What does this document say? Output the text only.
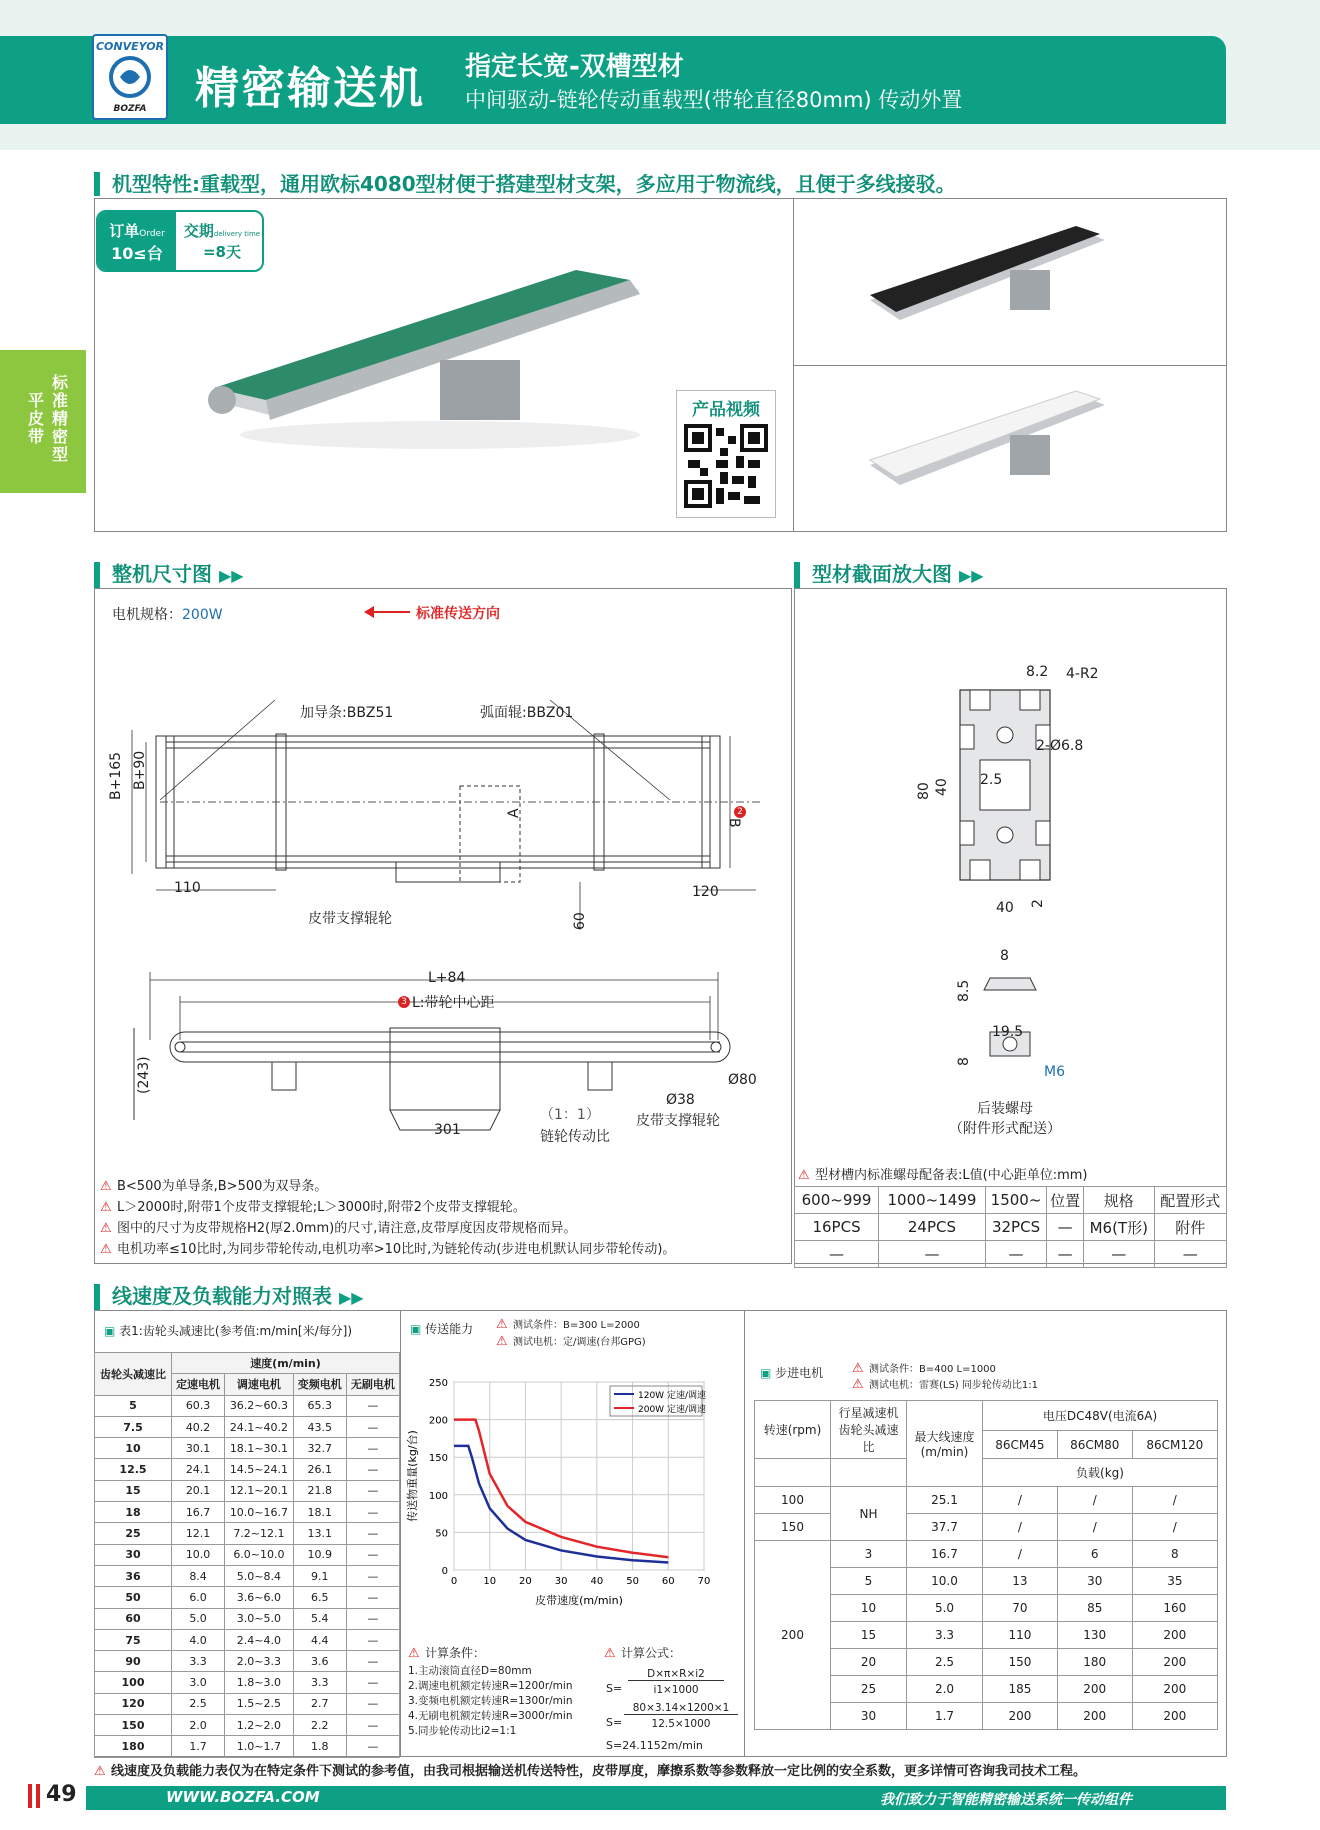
CONVEYOR
BOZFA	精密输送机 指定长宽-双槽型材
中间驱动-链轮传动重载型(带轮直径80mm) 传动外置
标准精密型
平皮带
机型特性:重载型，通用欧标4080型材便于搭建型材支架，多应用于物流线，且便于多线接驳。
订单Order
10≤台
交期delivery time
=8天
产品视频
整机尺寸图 ▶▶
电机规格：200W	标准传送方向
加导条:BBZ51	弧面辊:BBZ01
B+165 B+90
A
B
2
110	120
60
皮带支撑辊轮
L+84
3 L:带轮中心距
(243)	Ø80
Ø38
皮带支撑辊轮
301
（1：1）
链轮传动比
⚠ B<500为单导条,B>500为双导条。
⚠ L＞2000时,附带1个皮带支撑辊轮;L＞3000时,附带2个皮带支撑辊轮。
⚠ 图中的尺寸为皮带规格H2(厚2.0mm)的尺寸,请注意,皮带厚度因皮带规格而异。
⚠ 电机功率≤10比时,为同步带轮传动,电机功率>10比时,为链轮传动(步进电机默认同步带轮传动)。
型材截面放大图 ▶▶
8.2 4-R2
2-Ø6.8
2.5
80 40
40 2
8
8.5
19.5
8
M6
后装螺母
（附件形式配送）
⚠ 型材槽内标准螺母配备表:L值(中心距单位:mm)
600~999	1000~1499	1500~	位置	规格	配置形式
16PCS	24PCS	32PCS	—	M6(T形)	附件
—	—	—	—	—	—
线速度及负载能力对照表 ▶▶
▣ 表1:齿轮头减速比(参考值:m/min[米/每分])
齿轮头减速比	速度(m/min)			
	定速电机	调速电机	变频电机	无刷电机
5	60.3	36.2~60.3	65.3	—
7.5	40.2	24.1~40.2	43.5	—
10	30.1	18.1~30.1	32.7	—
12.5	24.1	14.5~24.1	26.1	—
15	20.1	12.1~20.1	21.8	—
18	16.7	10.0~16.7	18.1	—
25	12.1	7.2~12.1	13.1	—
30	10.0	6.0~10.0	10.9	—
36	8.4	5.0~8.4	9.1	—
50	6.0	3.6~6.0	6.5	—
60	5.0	3.0~5.0	5.4	—
75	4.0	2.4~4.0	4.4	—
90	3.3	2.0~3.3	3.6	—
100	3.0	1.8~3.0	3.3	—
120	2.5	1.5~2.5	2.7	—
150	2.0	1.2~2.0	2.2	—
180	1.7	1.0~1.7	1.8	—
▣ 传送能力 ⚠ 测试条件：B=300 L=2000
⚠ 测试电机：定/调速(台邦GPG)
0	10 20 30 40 50 60 70
0
50
100
150
200
250
120W 定速/调速
200W 定速/调速
皮带速度(m/min)
传送物重量(kg/台)
⚠ 计算条件：
1.主动滚筒直径D=80mm
2.调速电机额定转速R=1200r/min
3.变频电机额定转速R=1300r/min
4.无刷电机额定转速R=3000r/min
5.同步轮传动比i2=1:1
⚠ 计算公式：
S=
D×π×R×i2
i1×1000
S=
80×3.14×1200×1
12.5×1000
S=24.1152m/min
▣ 步进电机 ⚠ 测试条件：B=400 L=1000
⚠ 测试电机：雷赛(LS) 同步轮传动比1:1
转速(rpm)	行星减速机齿轮头减速比	最大线速度(m/min)	电压DC48V(电流6A)		
			86CM45	86CM80	86CM120
			负载(kg)		
100	NH	25.1	/	/	/
150		37.7	/	/	/
200	3	16.7	/	6	8
	5	10.0	13	30	35
	10	5.0	70	85	160
	15	3.3	110	130	200
	20	2.5	150	180	200
	25	2.0	185	200	200
	30	1.7	200	200	200
⚠ 线速度及负载能力表仅为在特定条件下测试的参考值，由我司根据输送机传送特性，皮带厚度，摩擦系数等参数释放一定比例的安全系数，更多详情可咨询我司技术工程。
49	WWW.BOZFA.COM	我们致力于智能精密输送系统一传动组件
